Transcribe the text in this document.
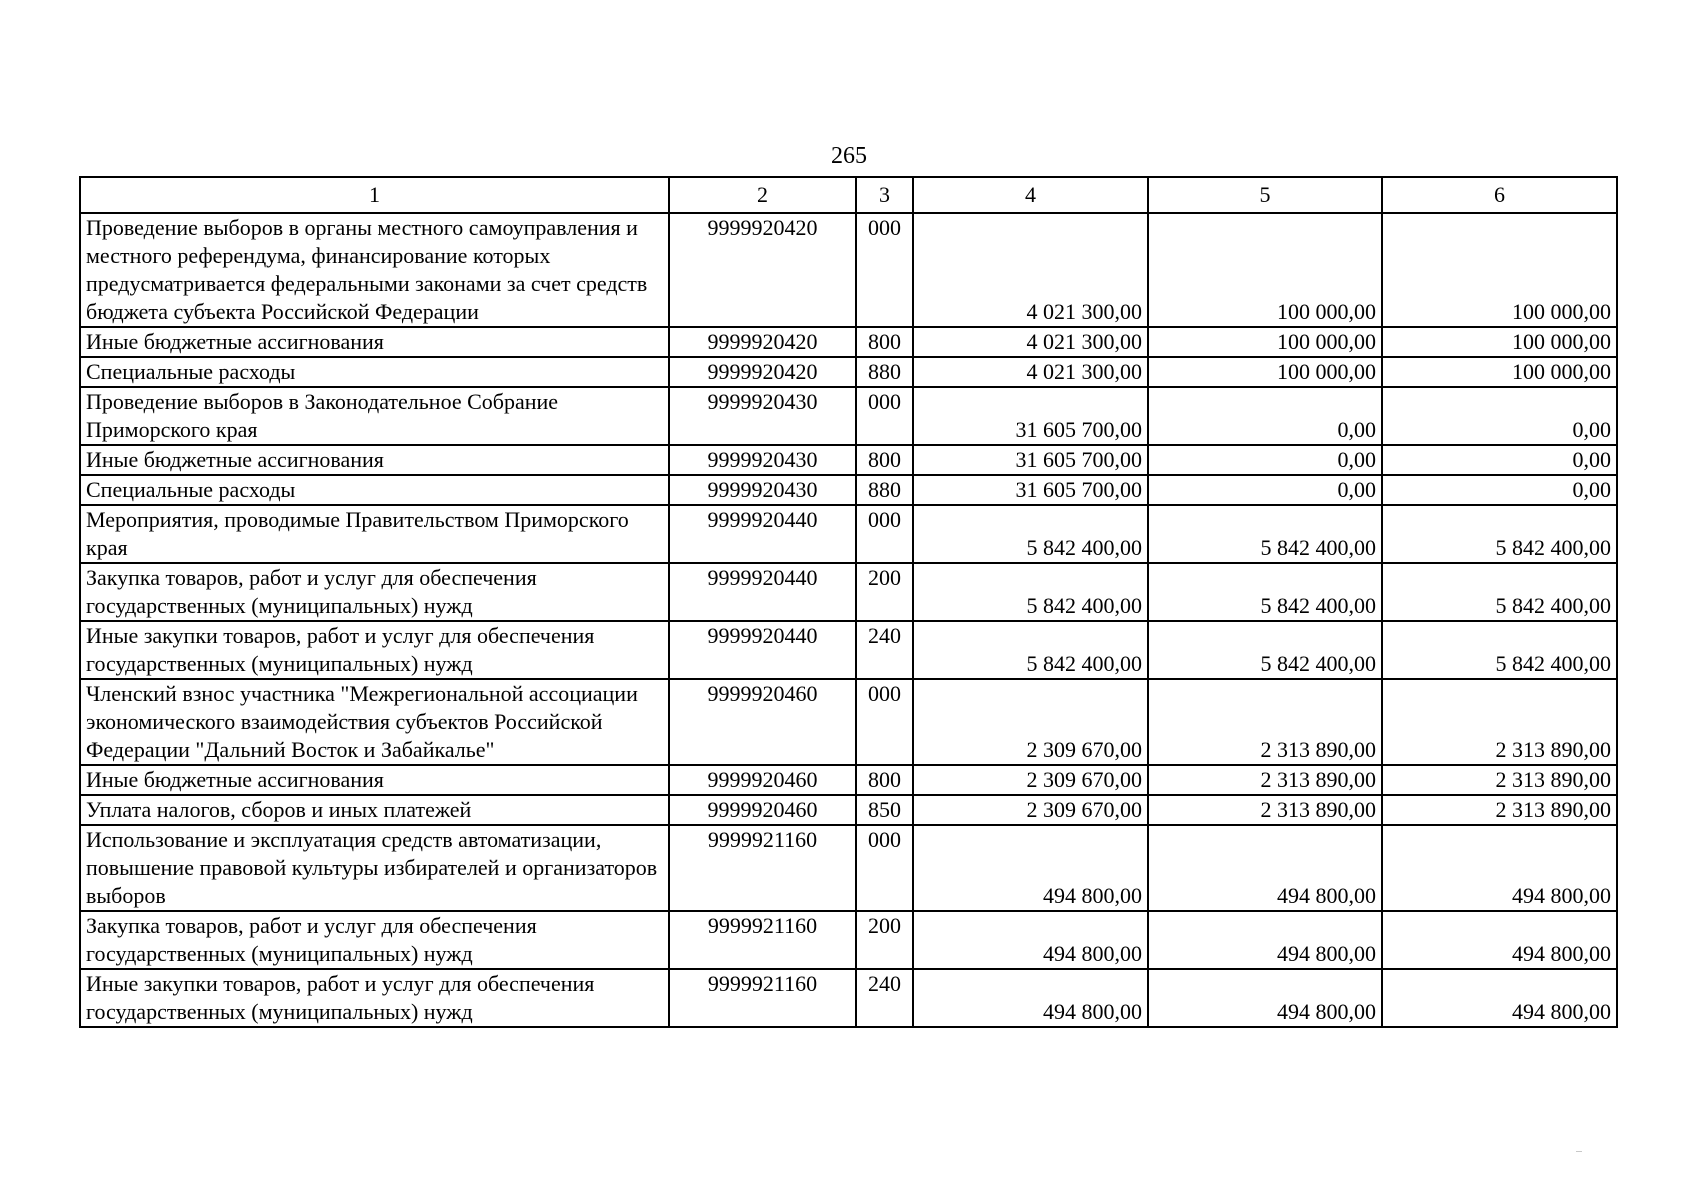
265
1	2	3	4	5	6
Проведение выборов в органы местного самоуправления и местного референдума, финансирование которых предусматривается федеральными законами за счет средств бюджета субъекта Российской Федерации	9999920420	000	4 021 300,00	100 000,00	100 000,00
Иные бюджетные ассигнования	9999920420	800	4 021 300,00	100 000,00	100 000,00
Специальные расходы	9999920420	880	4 021 300,00	100 000,00	100 000,00
Проведение выборов в Законодательное Собрание Приморского края	9999920430	000	31 605 700,00	0,00	0,00
Иные бюджетные ассигнования	9999920430	800	31 605 700,00	0,00	0,00
Специальные расходы	9999920430	880	31 605 700,00	0,00	0,00
Мероприятия, проводимые Правительством Приморского края	9999920440	000	5 842 400,00	5 842 400,00	5 842 400,00
Закупка товаров, работ и услуг для обеспечения государственных (муниципальных) нужд	9999920440	200	5 842 400,00	5 842 400,00	5 842 400,00
Иные закупки товаров, работ и услуг для обеспечения государственных (муниципальных) нужд	9999920440	240	5 842 400,00	5 842 400,00	5 842 400,00
Членский взнос участника "Межрегиональной ассоциации экономического взаимодействия субъектов Российской Федерации "Дальний Восток и Забайкалье"	9999920460	000	2 309 670,00	2 313 890,00	2 313 890,00
Иные бюджетные ассигнования	9999920460	800	2 309 670,00	2 313 890,00	2 313 890,00
Уплата налогов, сборов и иных платежей	9999920460	850	2 309 670,00	2 313 890,00	2 313 890,00
Использование и эксплуатация средств автоматизации, повышение правовой культуры избирателей и организаторов выборов	9999921160	000	494 800,00	494 800,00	494 800,00
Закупка товаров, работ и услуг для обеспечения государственных (муниципальных) нужд	9999921160	200	494 800,00	494 800,00	494 800,00
Иные закупки товаров, работ и услуг для обеспечения государственных (муниципальных) нужд	9999921160	240	494 800,00	494 800,00	494 800,00
